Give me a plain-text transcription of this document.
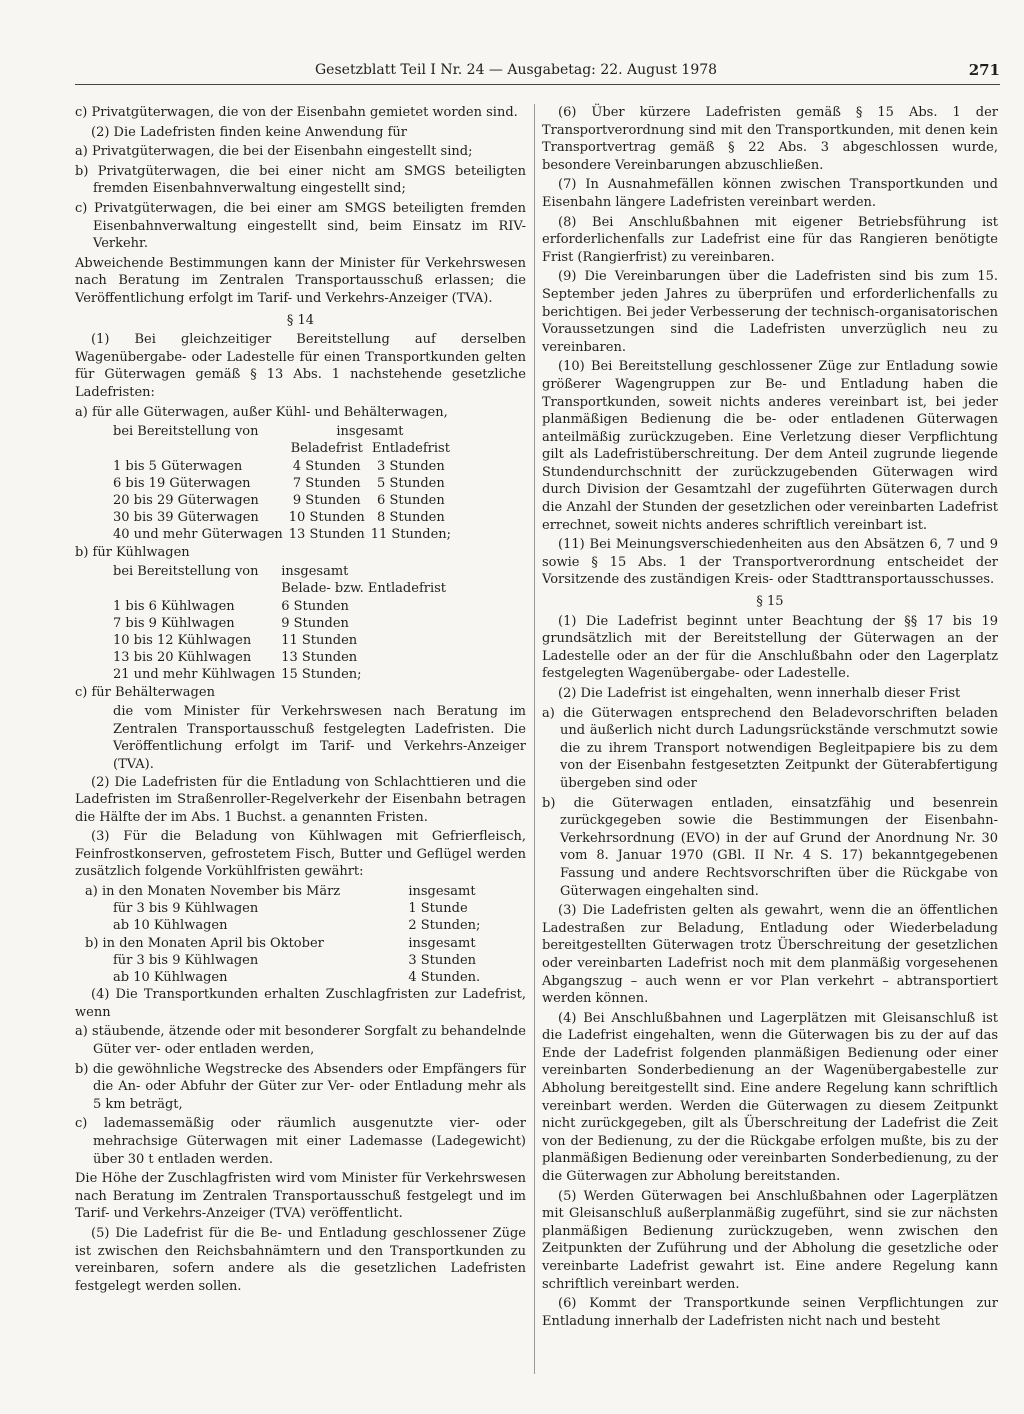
Gesetzblatt Teil I Nr. 24 — Ausgabetag: 22. August 1978	271

c) Privatgüterwagen, die von der Eisenbahn gemietet worden sind.

(2) Die Ladefristen finden keine Anwendung für

a) Privatgüterwagen, die bei der Eisenbahn eingestellt sind;

b) Privatgüterwagen, die bei einer nicht am SMGS beteiligten fremden Eisenbahnverwaltung eingestellt sind;

c) Privatgüterwagen, die bei einer am SMGS beteiligten fremden Eisenbahnverwaltung eingestellt sind, beim Einsatz im RIV-Verkehr.

Abweichende Bestimmungen kann der Minister für Verkehrswesen nach Beratung im Zentralen Transportausschuß erlassen; die Veröffentlichung erfolgt im Tarif- und Verkehrs-Anzeiger (TVA).

§ 14

(1) Bei gleichzeitiger Bereitstellung auf derselben Wagenübergabe- oder Ladestelle für einen Transportkunden gelten für Güterwagen gemäß § 13 Abs. 1 nachstehende gesetzliche Ladefristen:

a) für alle Güterwagen, außer Kühl- und Behälterwagen,

bei Bereitstellung von	insgesamt	
	Beladefrist	Entladefrist
1 bis 5 Güterwagen	4 Stunden	3 Stunden
6 bis 19 Güterwagen	7 Stunden	5 Stunden
20 bis 29 Güterwagen	9 Stunden	6 Stunden
30 bis 39 Güterwagen	10 Stunden	8 Stunden
40 und mehr Güterwagen	13 Stunden	11 Stunden;

b) für Kühlwagen

bei Bereitstellung von	insgesamt
	Belade- bzw. Entladefrist
1 bis 6 Kühlwagen	6 Stunden
7 bis 9 Kühlwagen	9 Stunden
10 bis 12 Kühlwagen	11 Stunden
13 bis 20 Kühlwagen	13 Stunden
21 und mehr Kühlwagen	15 Stunden;

c) für Behälterwagen

die vom Minister für Verkehrswesen nach Beratung im Zentralen Transportausschuß festgelegten Ladefristen. Die Veröffentlichung erfolgt im Tarif- und Verkehrs-Anzeiger (TVA).

(2) Die Ladefristen für die Entladung von Schlachttieren und die Ladefristen im Straßenroller-Regelverkehr der Eisenbahn betragen die Hälfte der im Abs. 1 Buchst. a genannten Fristen.

(3) Für die Beladung von Kühlwagen mit Gefrierfleisch, Feinfrostkonserven, gefrostetem Fisch, Butter und Geflügel werden zusätzlich folgende Vorkühlfristen gewährt:

a) in den Monaten November bis März	insgesamt
für 3 bis 9 Kühlwagen	1 Stunde
ab 10 Kühlwagen	2 Stunden;
b) in den Monaten April bis Oktober	insgesamt
für 3 bis 9 Kühlwagen	3 Stunden
ab 10 Kühlwagen	4 Stunden.

(4) Die Transportkunden erhalten Zuschlagfristen zur Ladefrist, wenn

a) stäubende, ätzende oder mit besonderer Sorgfalt zu behandelnde Güter ver- oder entladen werden,

b) die gewöhnliche Wegstrecke des Absenders oder Empfängers für die An- oder Abfuhr der Güter zur Ver- oder Entladung mehr als 5 km beträgt,

c) lademassemäßig oder räumlich ausgenutzte vier- oder mehrachsige Güterwagen mit einer Lademasse (Ladegewicht) über 30 t entladen werden.

Die Höhe der Zuschlagfristen wird vom Minister für Verkehrswesen nach Beratung im Zentralen Transportausschuß festgelegt und im Tarif- und Verkehrs-Anzeiger (TVA) veröffentlicht.

(5) Die Ladefrist für die Be- und Entladung geschlossener Züge ist zwischen den Reichsbahnämtern und den Transportkunden zu vereinbaren, sofern andere als die gesetzlichen Ladefristen festgelegt werden sollen.

(6) Über kürzere Ladefristen gemäß § 15 Abs. 1 der Transportverordnung sind mit den Transportkunden, mit denen kein Transportvertrag gemäß § 22 Abs. 3 abgeschlossen wurde, besondere Vereinbarungen abzuschließen.

(7) In Ausnahmefällen können zwischen Transportkunden und Eisenbahn längere Ladefristen vereinbart werden.

(8) Bei Anschlußbahnen mit eigener Betriebsführung ist erforderlichenfalls zur Ladefrist eine für das Rangieren benötigte Frist (Rangierfrist) zu vereinbaren.

(9) Die Vereinbarungen über die Ladefristen sind bis zum 15. September jeden Jahres zu überprüfen und erforderlichenfalls zu berichtigen. Bei jeder Verbesserung der technisch-organisatorischen Voraussetzungen sind die Ladefristen unverzüglich neu zu vereinbaren.

(10) Bei Bereitstellung geschlossener Züge zur Entladung sowie größerer Wagengruppen zur Be- und Entladung haben die Transportkunden, soweit nichts anderes vereinbart ist, bei jeder planmäßigen Bedienung die be- oder entladenen Güterwagen anteilmäßig zurückzugeben. Eine Verletzung dieser Verpflichtung gilt als Ladefristüberschreitung. Der dem Anteil zugrunde liegende Stundendurchschnitt der zurückzugebenden Güterwagen wird durch Division der Gesamtzahl der zugeführten Güterwagen durch die Anzahl der Stunden der gesetzlichen oder vereinbarten Ladefrist errechnet, soweit nichts anderes schriftlich vereinbart ist.

(11) Bei Meinungsverschiedenheiten aus den Absätzen 6, 7 und 9 sowie § 15 Abs. 1 der Transportverordnung entscheidet der Vorsitzende des zuständigen Kreis- oder Stadttransportausschusses.

§ 15

(1) Die Ladefrist beginnt unter Beachtung der §§ 17 bis 19 grundsätzlich mit der Bereitstellung der Güterwagen an der Ladestelle oder an der für die Anschlußbahn oder den Lagerplatz festgelegten Wagenübergabe- oder Ladestelle.

(2) Die Ladefrist ist eingehalten, wenn innerhalb dieser Frist

a) die Güterwagen entsprechend den Beladevorschriften beladen und äußerlich nicht durch Ladungsrückstände verschmutzt sowie die zu ihrem Transport notwendigen Begleitpapiere bis zu dem von der Eisenbahn festgesetzten Zeitpunkt der Güterabfertigung übergeben sind oder

b) die Güterwagen entladen, einsatzfähig und besenrein zurückgegeben sowie die Bestimmungen der Eisenbahn-Verkehrsordnung (EVO) in der auf Grund der Anordnung Nr. 30 vom 8. Januar 1970 (GBl. II Nr. 4 S. 17) bekanntgegebenen Fassung und andere Rechtsvorschriften über die Rückgabe von Güterwagen eingehalten sind.

(3) Die Ladefristen gelten als gewahrt, wenn die an öffentlichen Ladestraßen zur Beladung, Entladung oder Wiederbeladung bereitgestellten Güterwagen trotz Überschreitung der gesetzlichen oder vereinbarten Ladefrist noch mit dem planmäßig vorgesehenen Abgangszug – auch wenn er vor Plan verkehrt – abtransportiert werden können.

(4) Bei Anschlußbahnen und Lagerplätzen mit Gleisanschluß ist die Ladefrist eingehalten, wenn die Güterwagen bis zu der auf das Ende der Ladefrist folgenden planmäßigen Bedienung oder einer vereinbarten Sonderbedienung an der Wagenübergabestelle zur Abholung bereitgestellt sind. Eine andere Regelung kann schriftlich vereinbart werden. Werden die Güterwagen zu diesem Zeitpunkt nicht zurückgegeben, gilt als Überschreitung der Ladefrist die Zeit von der Bedienung, zu der die Rückgabe erfolgen mußte, bis zu der planmäßigen Bedienung oder vereinbarten Sonderbedienung, zu der die Güterwagen zur Abholung bereitstanden.

(5) Werden Güterwagen bei Anschlußbahnen oder Lagerplätzen mit Gleisanschluß außerplanmäßig zugeführt, sind sie zur nächsten planmäßigen Bedienung zurückzugeben, wenn zwischen den Zeitpunkten der Zuführung und der Abholung die gesetzliche oder vereinbarte Ladefrist gewahrt ist. Eine andere Regelung kann schriftlich vereinbart werden.

(6) Kommt der Transportkunde seinen Verpflichtungen zur Entladung innerhalb der Ladefristen nicht nach und besteht
